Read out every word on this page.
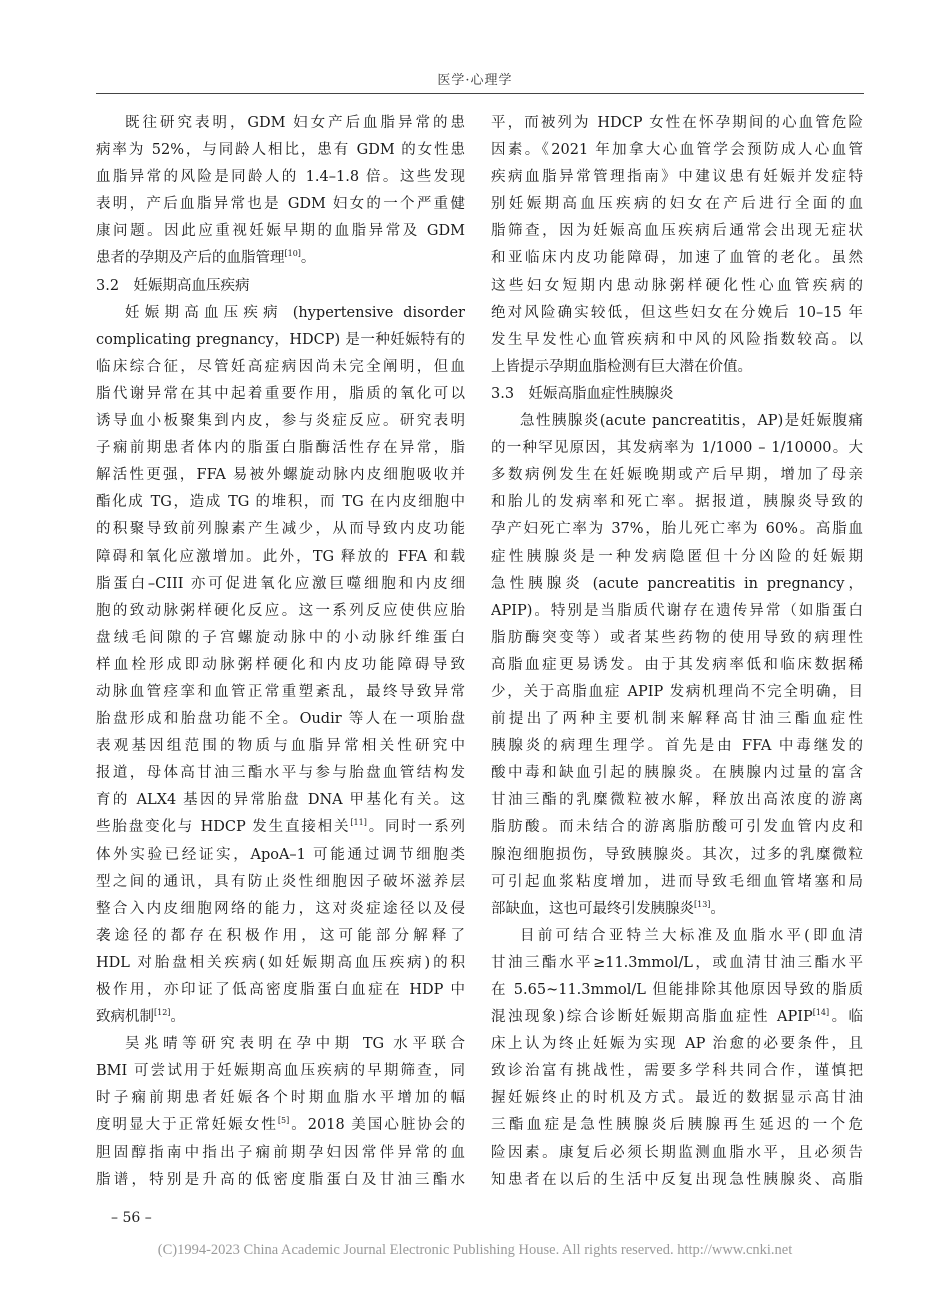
医学·心理学
既往研究表明，GDM 妇女产后血脂异常的患
病率为 52%，与同龄人相比，患有 GDM 的女性患
血脂异常的风险是同龄人的 1.4–1.8 倍。这些发现
表明，产后血脂异常也是 GDM 妇女的一个严重健
康问题。因此应重视妊娠早期的血脂异常及 GDM
患者的孕期及产后的血脂管理[10]。
3.2　妊娠期高血压疾病
妊娠期高血压疾病 (hypertensive disorder
complicating pregnancy，HDCP) 是一种妊娠特有的
临床综合征，尽管妊高症病因尚未完全阐明，但血
脂代谢异常在其中起着重要作用，脂质的氧化可以
诱导血小板聚集到内皮，参与炎症反应。研究表明
子痫前期患者体内的脂蛋白脂酶活性存在异常，脂
解活性更强，FFA 易被外螺旋动脉内皮细胞吸收并
酯化成 TG，造成 TG 的堆积，而 TG 在内皮细胞中
的积聚导致前列腺素产生减少，从而导致内皮功能
障碍和氧化应激增加。此外，TG 释放的 FFA 和载
脂蛋白–CIII 亦可促进氧化应激巨噬细胞和内皮细
胞的致动脉粥样硬化反应。这一系列反应使供应胎
盘绒毛间隙的子宫螺旋动脉中的小动脉纤维蛋白
样血栓形成即动脉粥样硬化和内皮功能障碍导致
动脉血管痉挛和血管正常重塑紊乱，最终导致异常
胎盘形成和胎盘功能不全。Oudir 等人在一项胎盘
表观基因组范围的物质与血脂异常相关性研究中
报道，母体高甘油三酯水平与参与胎盘血管结构发
育的 ALX4 基因的异常胎盘 DNA 甲基化有关。这
些胎盘变化与 HDCP 发生直接相关[11]。同时一系列
体外实验已经证实，ApoA–1 可能通过调节细胞类
型之间的通讯，具有防止炎性细胞因子破坏滋养层
整合入内皮细胞网络的能力，这对炎症途径以及侵
袭途径的都存在积极作用，这可能部分解释了
HDL 对胎盘相关疾病(如妊娠期高血压疾病)的积
极作用，亦印证了低高密度脂蛋白血症在 HDP 中
致病机制[12]。
吴兆晴等研究表明在孕中期 TG 水平联合
BMI 可尝试用于妊娠期高血压疾病的早期筛查，同
时子痫前期患者妊娠各个时期血脂水平增加的幅
度明显大于正常妊娠女性[5]。2018 美国心脏协会的
胆固醇指南中指出子痫前期孕妇因常伴异常的血
脂谱，特别是升高的低密度脂蛋白及甘油三酯水
平，而被列为 HDCP 女性在怀孕期间的心血管危险
因素。《2021 年加拿大心血管学会预防成人心血管
疾病血脂异常管理指南》中建议患有妊娠并发症特
别妊娠期高血压疾病的妇女在产后进行全面的血
脂筛查，因为妊娠高血压疾病后通常会出现无症状
和亚临床内皮功能障碍，加速了血管的老化。虽然
这些妇女短期内患动脉粥样硬化性心血管疾病的
绝对风险确实较低，但这些妇女在分娩后 10–15 年
发生早发性心血管疾病和中风的风险指数较高。以
上皆提示孕期血脂检测有巨大潜在价值。
3.3　妊娠高脂血症性胰腺炎
急性胰腺炎(acute pancreatitis，AP)是妊娠腹痛
的一种罕见原因，其发病率为 1/1000 – 1/10000。大
多数病例发生在妊娠晚期或产后早期，增加了母亲
和胎儿的发病率和死亡率。据报道，胰腺炎导致的
孕产妇死亡率为 37%，胎儿死亡率为 60%。高脂血
症性胰腺炎是一种发病隐匿但十分凶险的妊娠期
急性胰腺炎 (acute pancreatitis in pregnancy，
APIP)。特别是当脂质代谢存在遗传异常（如脂蛋白
脂肪酶突变等）或者某些药物的使用导致的病理性
高脂血症更易诱发。由于其发病率低和临床数据稀
少，关于高脂血症 APIP 发病机理尚不完全明确，目
前提出了两种主要机制来解释高甘油三酯血症性
胰腺炎的病理生理学。首先是由 FFA 中毒继发的
酸中毒和缺血引起的胰腺炎。在胰腺内过量的富含
甘油三酯的乳糜微粒被水解，释放出高浓度的游离
脂肪酸。而未结合的游离脂肪酸可引发血管内皮和
腺泡细胞损伤，导致胰腺炎。其次，过多的乳糜微粒
可引起血浆粘度增加，进而导致毛细血管堵塞和局
部缺血，这也可最终引发胰腺炎[13]。
目前可结合亚特兰大标准及血脂水平(即血清
甘油三酯水平≥11.3mmol/L，或血清甘油三酯水平
在 5.65~11.3mmol/L 但能排除其他原因导致的脂质
混浊现象)综合诊断妊娠期高脂血症性 APIP[14]。临
床上认为终止妊娠为实现 AP 治愈的必要条件，且
致诊治富有挑战性，需要多学科共同合作，谨慎把
握妊娠终止的时机及方式。最近的数据显示高甘油
三酯血症是急性胰腺炎后胰腺再生延迟的一个危
险因素。康复后必须长期监测血脂水平，且必须告
知患者在以后的生活中反复出现急性胰腺炎、高脂
– 56 –
(C)1994-2023 China Academic Journal Electronic Publishing House. All rights reserved. http://www.cnki.net
